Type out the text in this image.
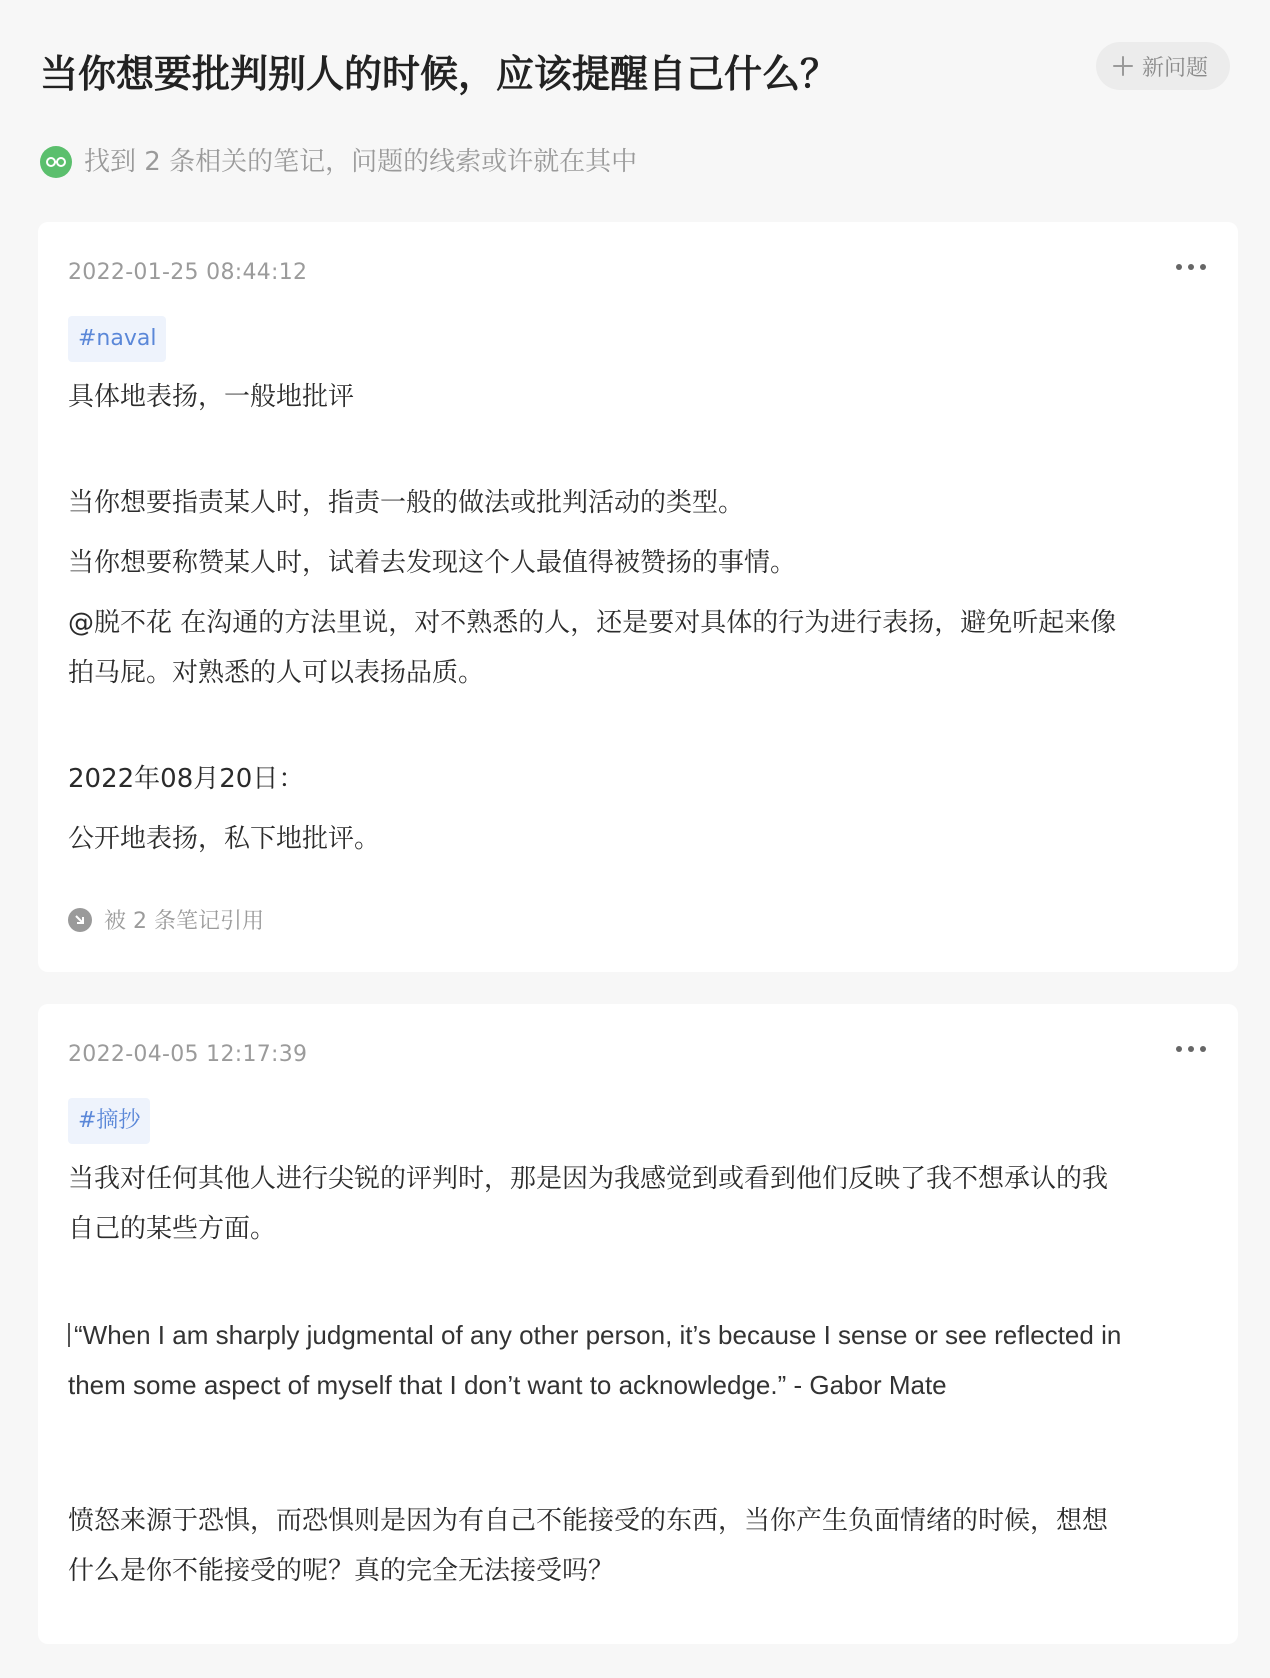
当你想要批判别人的时候，应该提醒自己什么？	新问题
找到 2 条相关的笔记，问题的线索或许就在其中
2022-01-25 08:44:12
#naval

具体地表扬，一般地批评

当你想要指责某人时，指责一般的做法或批判活动的类型。

当你想要称赞某人时，试着去发现这个人最值得被赞扬的事情。

@脱不花 在沟通的方法里说，对不熟悉的人，还是要对具体的行为进行表扬，避免听起来像

拍马屁。对熟悉的人可以表扬品质。

2022年08月20日：

公开地表扬，私下地批评。

被 2 条笔记引用
2022-04-05 12:17:39
#摘抄

当我对任何其他人进行尖锐的评判时，那是因为我感觉到或看到他们反映了我不想承认的我

自己的某些方面。

“When I am sharply judgmental of any other person, it’s because I sense or see reflected in

them some aspect of myself that I don’t want to acknowledge.” - Gabor Mate

愤怒来源于恐惧，而恐惧则是因为有自己不能接受的东西，当你产生负面情绪的时候，想想

什么是你不能接受的呢？真的完全无法接受吗？
